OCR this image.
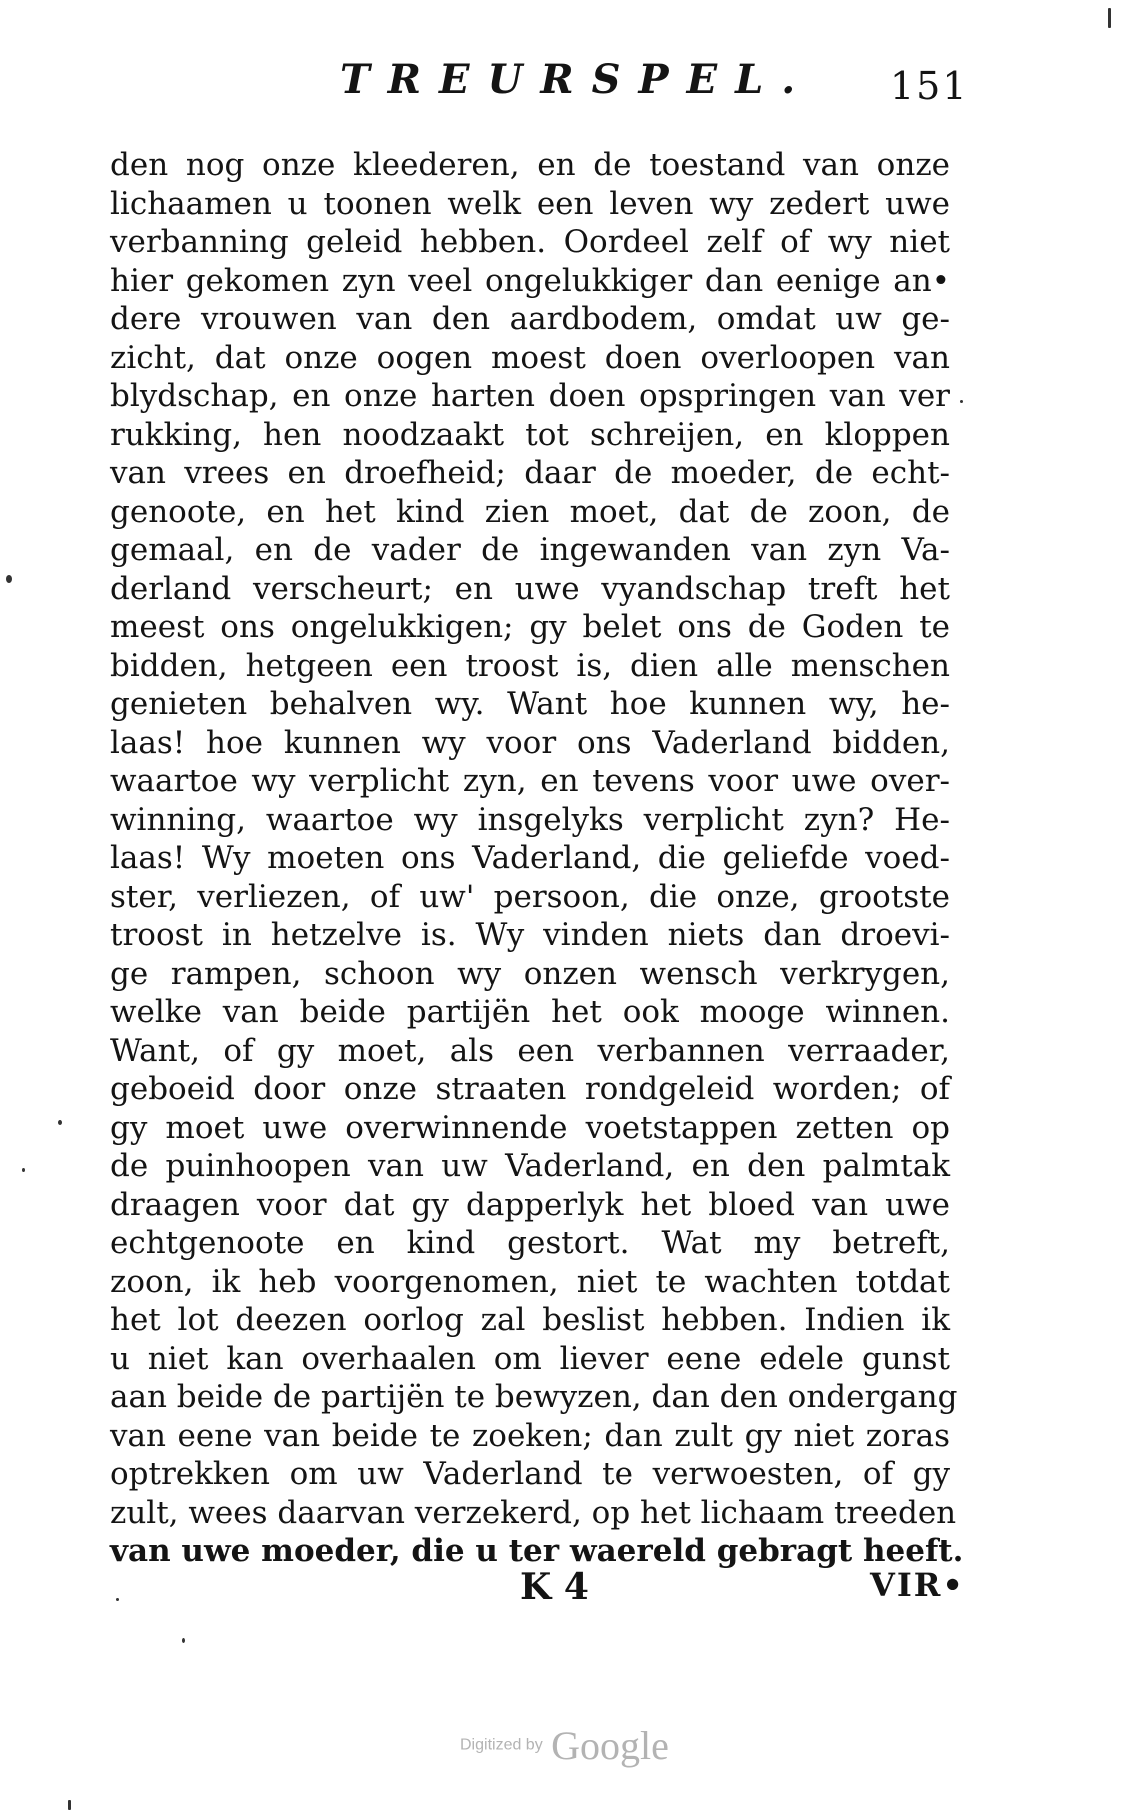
TREURSPEL. 151
den nog onze kleederen, en de toestand van onze
lichaamen u toonen welk een leven wy zedert uwe
verbanning geleid hebben. Oordeel zelf of wy niet
hier gekomen zyn veel ongelukkiger dan eenige an•
dere vrouwen van den aardbodem, omdat uw ge-
zicht, dat onze oogen moest doen overloopen van
blydschap, en onze harten doen opspringen van ver
rukking, hen noodzaakt tot schreijen, en kloppen
van vrees en droefheid; daar de moeder, de echt-
genoote, en het kind zien moet, dat de zoon, de
gemaal, en de vader de ingewanden van zyn Va-
derland verscheurt; en uwe vyandschap treft het
meest ons ongelukkigen; gy belet ons de Goden te
bidden, hetgeen een troost is, dien alle menschen
genieten behalven wy. Want hoe kunnen wy, he-
laas! hoe kunnen wy voor ons Vaderland bidden,
waartoe wy verplicht zyn, en tevens voor uwe over-
winning, waartoe wy insgelyks verplicht zyn? He-
laas! Wy moeten ons Vaderland, die geliefde voed-
ster, verliezen, of uw' persoon, die onze, grootste
troost in hetzelve is. Wy vinden niets dan droevi-
ge rampen, schoon wy onzen wensch verkrygen,
welke van beide partijën het ook mooge winnen.
Want, of gy moet, als een verbannen verraader,
geboeid door onze straaten rondgeleid worden; of
gy moet uwe overwinnende voetstappen zetten op
de puinhoopen van uw Vaderland, en den palmtak
draagen voor dat gy dapperlyk het bloed van uwe
echtgenoote en kind gestort. Wat my betreft,
zoon, ik heb voorgenomen, niet te wachten totdat
het lot deezen oorlog zal beslist hebben. Indien ik
u niet kan overhaalen om liever eene edele gunst
aan beide de partijën te bewyzen, dan den ondergang
van eene van beide te zoeken; dan zult gy niet zoras
optrekken om uw Vaderland te verwoesten, of gy
zult, wees daarvan verzekerd, op het lichaam treeden
van uwe moeder, die u ter waereld gebragt heeft.
K 4	VIR•
Digitized by Google
